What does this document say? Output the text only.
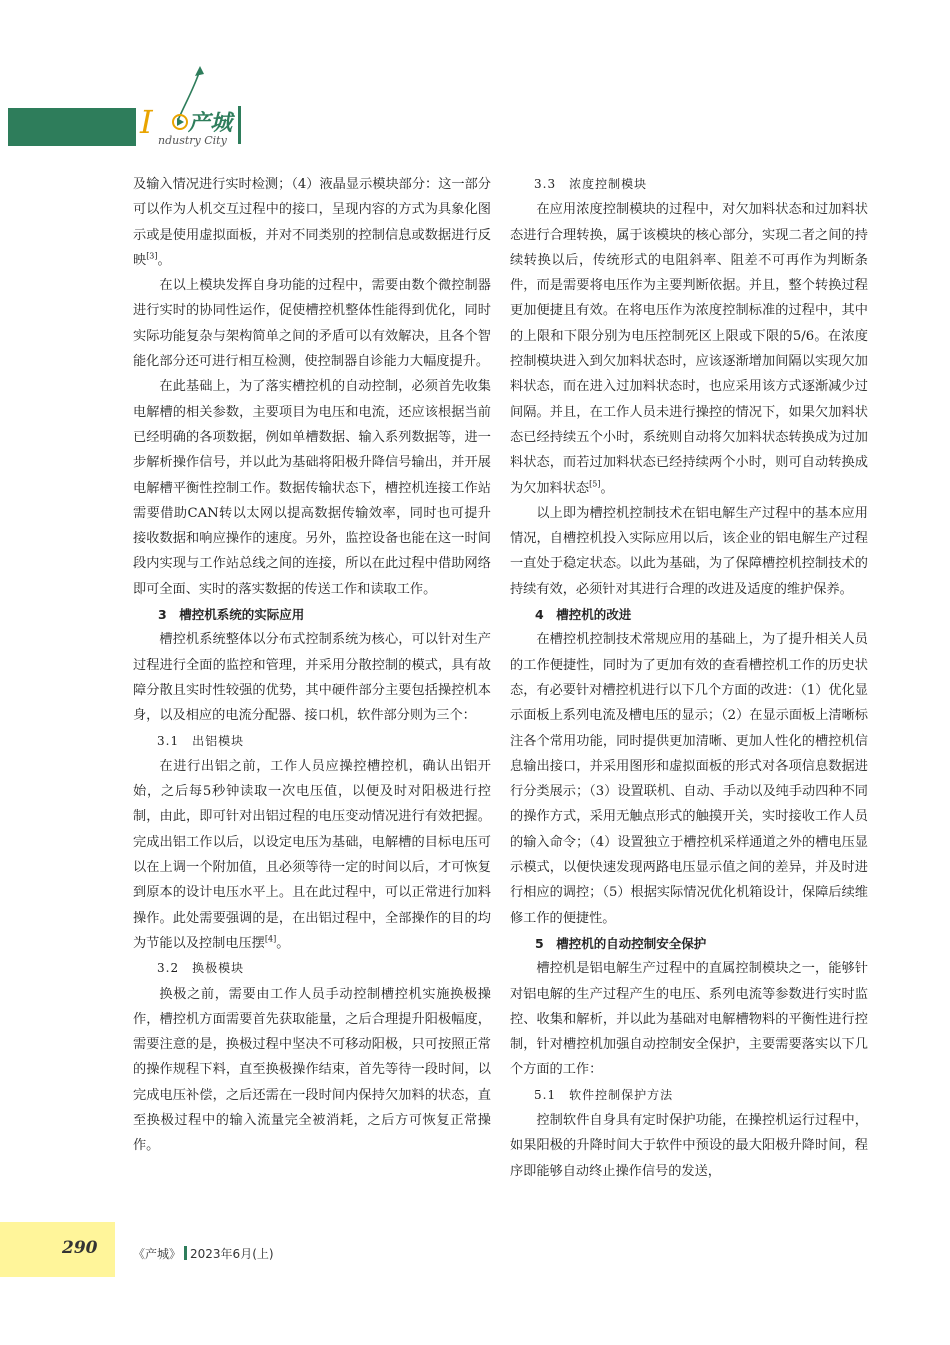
I 产城
ndustry City

及输入情况进行实时检测；（4）液晶显示模块部分：这一部分可以作为人机交互过程中的接口，呈现内容的方式为具象化图示或是使用虚拟面板，并对不同类别的控制信息或数据进行反映[3]。

在以上模块发挥自身功能的过程中，需要由数个微控制器进行实时的协同性运作，促使槽控机整体性能得到优化，同时实际功能复杂与架构简单之间的矛盾可以有效解决，且各个智能化部分还可进行相互检测，使控制器自诊能力大幅度提升。

在此基础上，为了落实槽控机的自动控制，必须首先收集电解槽的相关参数，主要项目为电压和电流，还应该根据当前已经明确的各项数据，例如单槽数据、输入系列数据等，进一步解析操作信号，并以此为基础将阳极升降信号输出，并开展电解槽平衡性控制工作。数据传输状态下，槽控机连接工作站需要借助CAN转以太网以提高数据传输效率，同时也可提升接收数据和响应操作的速度。另外，监控设备也能在这一时间段内实现与工作站总线之间的连接，所以在此过程中借助网络即可全面、实时的落实数据的传送工作和读取工作。

3　槽控机系统的实际应用

槽控机系统整体以分布式控制系统为核心，可以针对生产过程进行全面的监控和管理，并采用分散控制的模式，具有故障分散且实时性较强的优势，其中硬件部分主要包括操控机本身，以及相应的电流分配器、接口机，软件部分则为三个：

3.1　出铝模块

在进行出铝之前，工作人员应操控槽控机，确认出铝开始，之后每5秒钟读取一次电压值，以便及时对阳极进行控制，由此，即可针对出铝过程的电压变动情况进行有效把握。完成出铝工作以后，以设定电压为基础，电解槽的目标电压可以在上调一个附加值，且必须等待一定的时间以后，才可恢复到原本的设计电压水平上。且在此过程中，可以正常进行加料操作。此处需要强调的是，在出铝过程中，全部操作的目的均为节能以及控制电压摆[4]。

3.2　换极模块

换极之前，需要由工作人员手动控制槽控机实施换极操作，槽控机方面需要首先获取能量，之后合理提升阳极幅度，需要注意的是，换极过程中坚决不可移动阳极，只可按照正常的操作规程下料，直至换极操作结束，首先等待一段时间，以完成电压补偿，之后还需在一段时间内保持欠加料的状态，直至换极过程中的输入流量完全被消耗，之后方可恢复正常操作。

3.3　浓度控制模块

在应用浓度控制模块的过程中，对欠加料状态和过加料状态进行合理转换，属于该模块的核心部分，实现二者之间的持续转换以后，传统形式的电阻斜率、阻差不可再作为判断条件，而是需要将电压作为主要判断依据。并且，整个转换过程更加便捷且有效。在将电压作为浓度控制标准的过程中，其中的上限和下限分别为电压控制死区上限或下限的5/6。在浓度控制模块进入到欠加料状态时，应该逐渐增加间隔以实现欠加料状态，而在进入过加料状态时，也应采用该方式逐渐减少过间隔。并且，在工作人员未进行操控的情况下，如果欠加料状态已经持续五个小时，系统则自动将欠加料状态转换成为过加料状态，而若过加料状态已经持续两个小时，则可自动转换成为欠加料状态[5]。

以上即为槽控机控制技术在铝电解生产过程中的基本应用情况，自槽控机投入实际应用以后，该企业的铝电解生产过程一直处于稳定状态。以此为基础，为了保障槽控机控制技术的持续有效，必须针对其进行合理的改进及适度的维护保养。

4　槽控机的改进

在槽控机控制技术常规应用的基础上，为了提升相关人员的工作便捷性，同时为了更加有效的查看槽控机工作的历史状态，有必要针对槽控机进行以下几个方面的改进：（1）优化显示面板上系列电流及槽电压的显示；（2）在显示面板上清晰标注各个常用功能，同时提供更加清晰、更加人性化的槽控机信息输出接口，并采用图形和虚拟面板的形式对各项信息数据进行分类展示；（3）设置联机、自动、手动以及纯手动四种不同的操作方式，采用无触点形式的触摸开关，实时接收工作人员的输入命令；（4）设置独立于槽控机采样通道之外的槽电压显示模式，以便快速发现两路电压显示值之间的差异，并及时进行相应的调控；（5）根据实际情况优化机箱设计，保障后续维修工作的便捷性。

5　槽控机的自动控制安全保护

槽控机是铝电解生产过程中的直属控制模块之一，能够针对铝电解的生产过程产生的电压、系列电流等参数进行实时监控、收集和解析，并以此为基础对电解槽物料的平衡性进行控制，针对槽控机加强自动控制安全保护，主要需要落实以下几个方面的工作：

5.1　软件控制保护方法

控制软件自身具有定时保护功能，在操控机运行过程中，如果阳极的升降时间大于软件中预设的最大阳极升降时间，程序即能够自动终止操作信号的发送，

290	《产城》 2023年6月(上)
